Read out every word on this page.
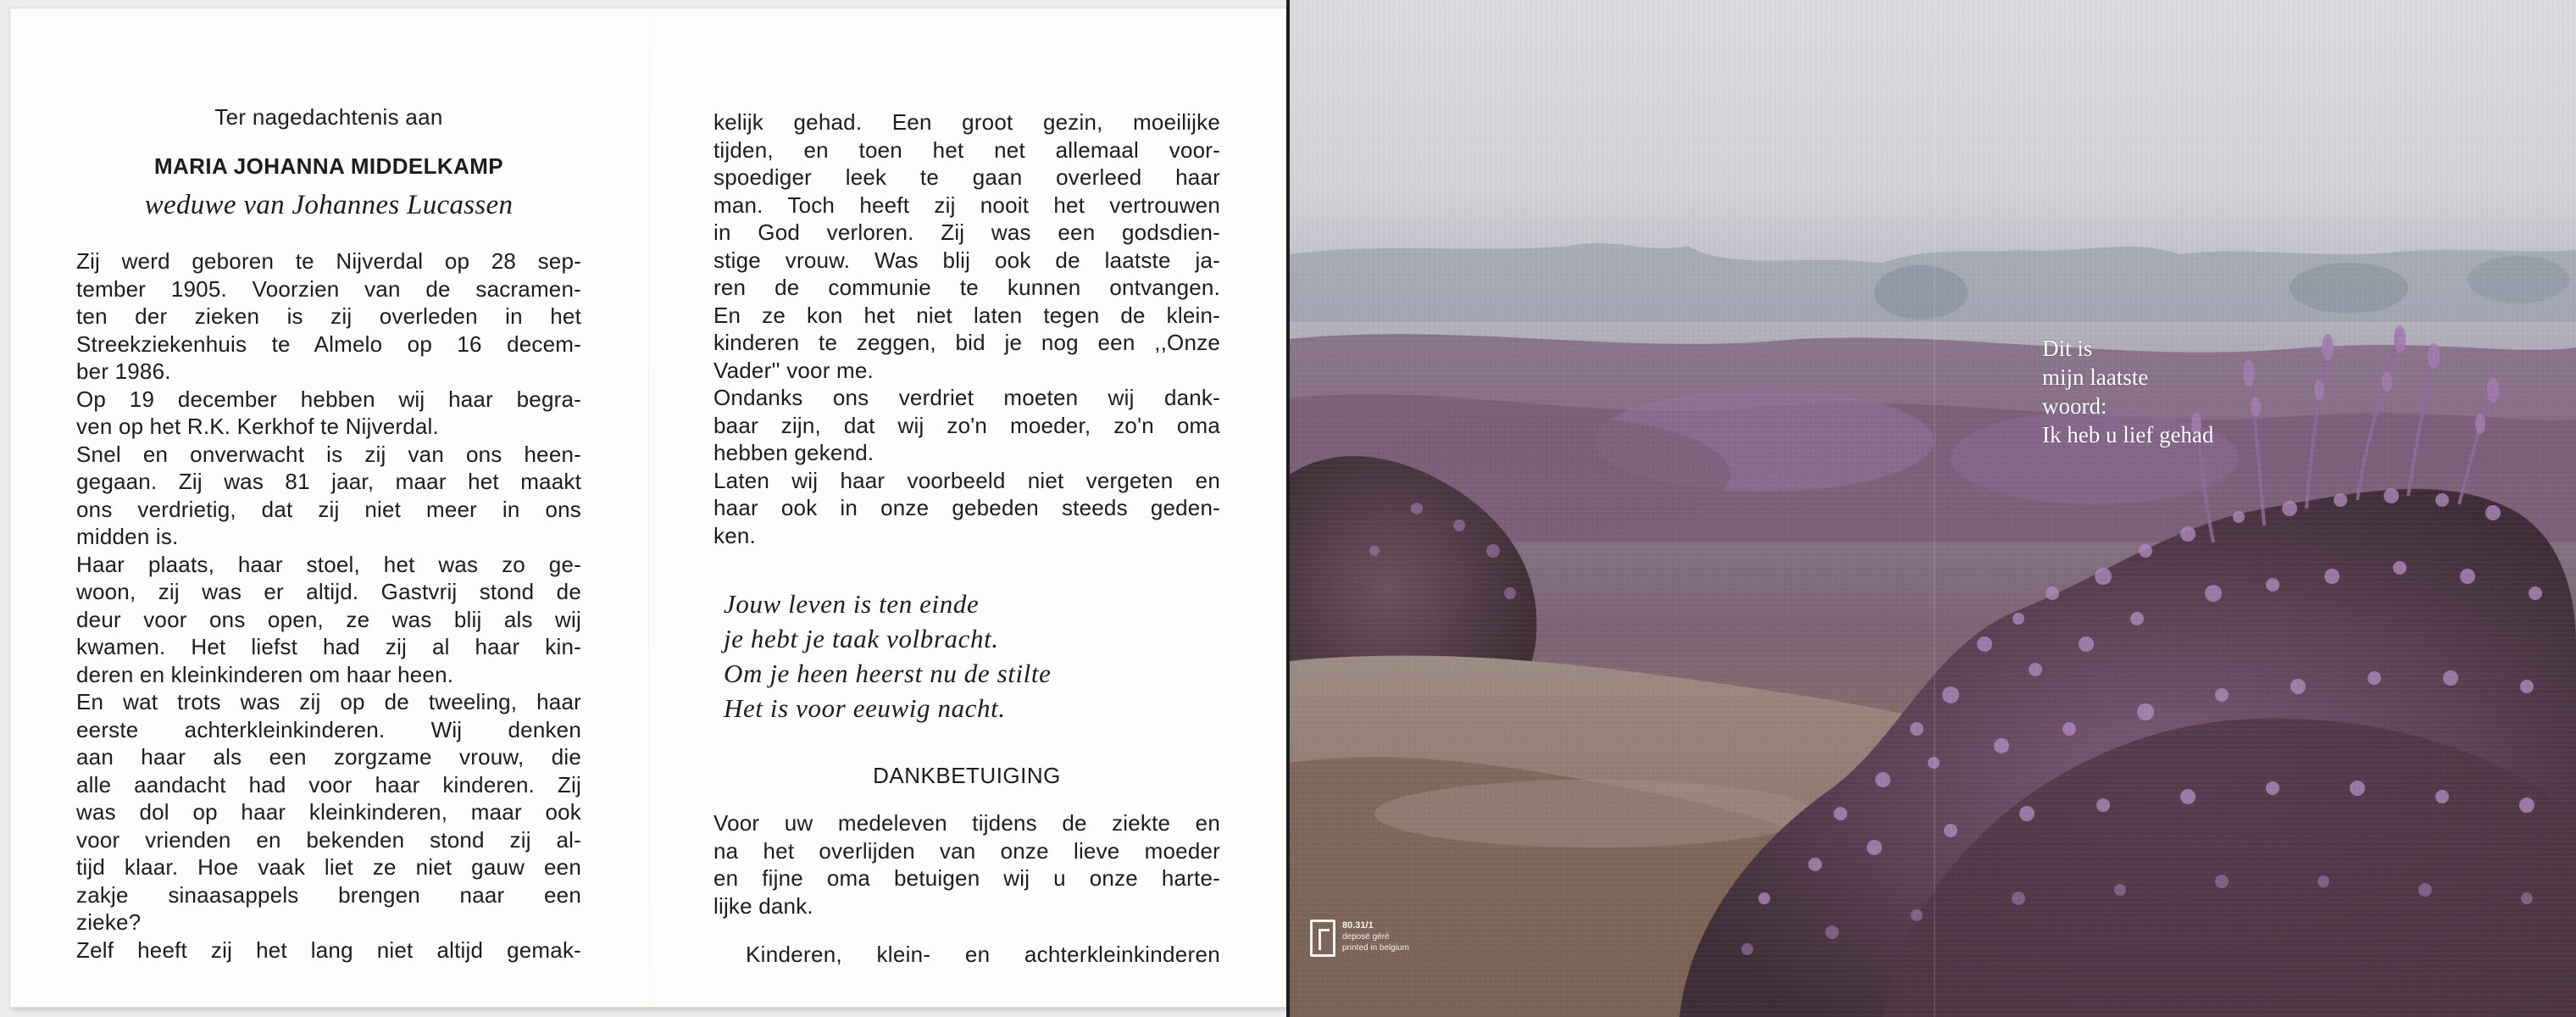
Ter nagedachtenis aan
MARIA JOHANNA MIDDELKAMP
weduwe van Johannes Lucassen
Zij werd geboren te Nijverdal op 28 sep-
tember 1905. Voorzien van de sacramen-
ten der zieken is zij overleden in het
Streekziekenhuis te Almelo op 16 decem-
ber 1986.
Op 19 december hebben wij haar begra-
ven op het R.K. Kerkhof te Nijverdal.
Snel en onverwacht is zij van ons heen-
gegaan. Zij was 81 jaar, maar het maakt
ons verdrietig, dat zij niet meer in ons
midden is.
Haar plaats, haar stoel, het was zo ge-
woon, zij was er altijd. Gastvrij stond de
deur voor ons open, ze was blij als wij
kwamen. Het liefst had zij al haar kin-
deren en kleinkinderen om haar heen.
En wat trots was zij op de tweeling, haar
eerste achterkleinkinderen. Wij denken
aan haar als een zorgzame vrouw, die
alle aandacht had voor haar kinderen. Zij
was dol op haar kleinkinderen, maar ook
voor vrienden en bekenden stond zij al-
tijd klaar. Hoe vaak liet ze niet gauw een
zakje sinaasappels brengen naar een
zieke?
Zelf heeft zij het lang niet altijd gemak-
kelijk gehad. Een groot gezin, moeilijke
tijden, en toen het net allemaal voor-
spoediger leek te gaan overleed haar
man. Toch heeft zij nooit het vertrouwen
in God verloren. Zij was een godsdien-
stige vrouw. Was blij ook de laatste ja-
ren de communie te kunnen ontvangen.
En ze kon het niet laten tegen de klein-
kinderen te zeggen, bid je nog een ,,Onze
Vader'' voor me.
Ondanks ons verdriet moeten wij dank-
baar zijn, dat wij zo'n moeder, zo'n oma
hebben gekend.
Laten wij haar voorbeeld niet vergeten en
haar ook in onze gebeden steeds geden-
ken.
Jouw leven is ten einde
je hebt je taak volbracht.
Om je heen heerst nu de stilte
Het is voor eeuwig nacht.
DANKBETUIGING
Voor uw medeleven tijdens de ziekte en
na het overlijden van onze lieve moeder
en fijne oma betuigen wij u onze harte-
lijke dank.
Kinderen, klein- en achterkleinkinderen
Dit is
mijn laatste
woord:
Ik heb u lief gehad
80.31/1
deposé géré
printed in belgium
